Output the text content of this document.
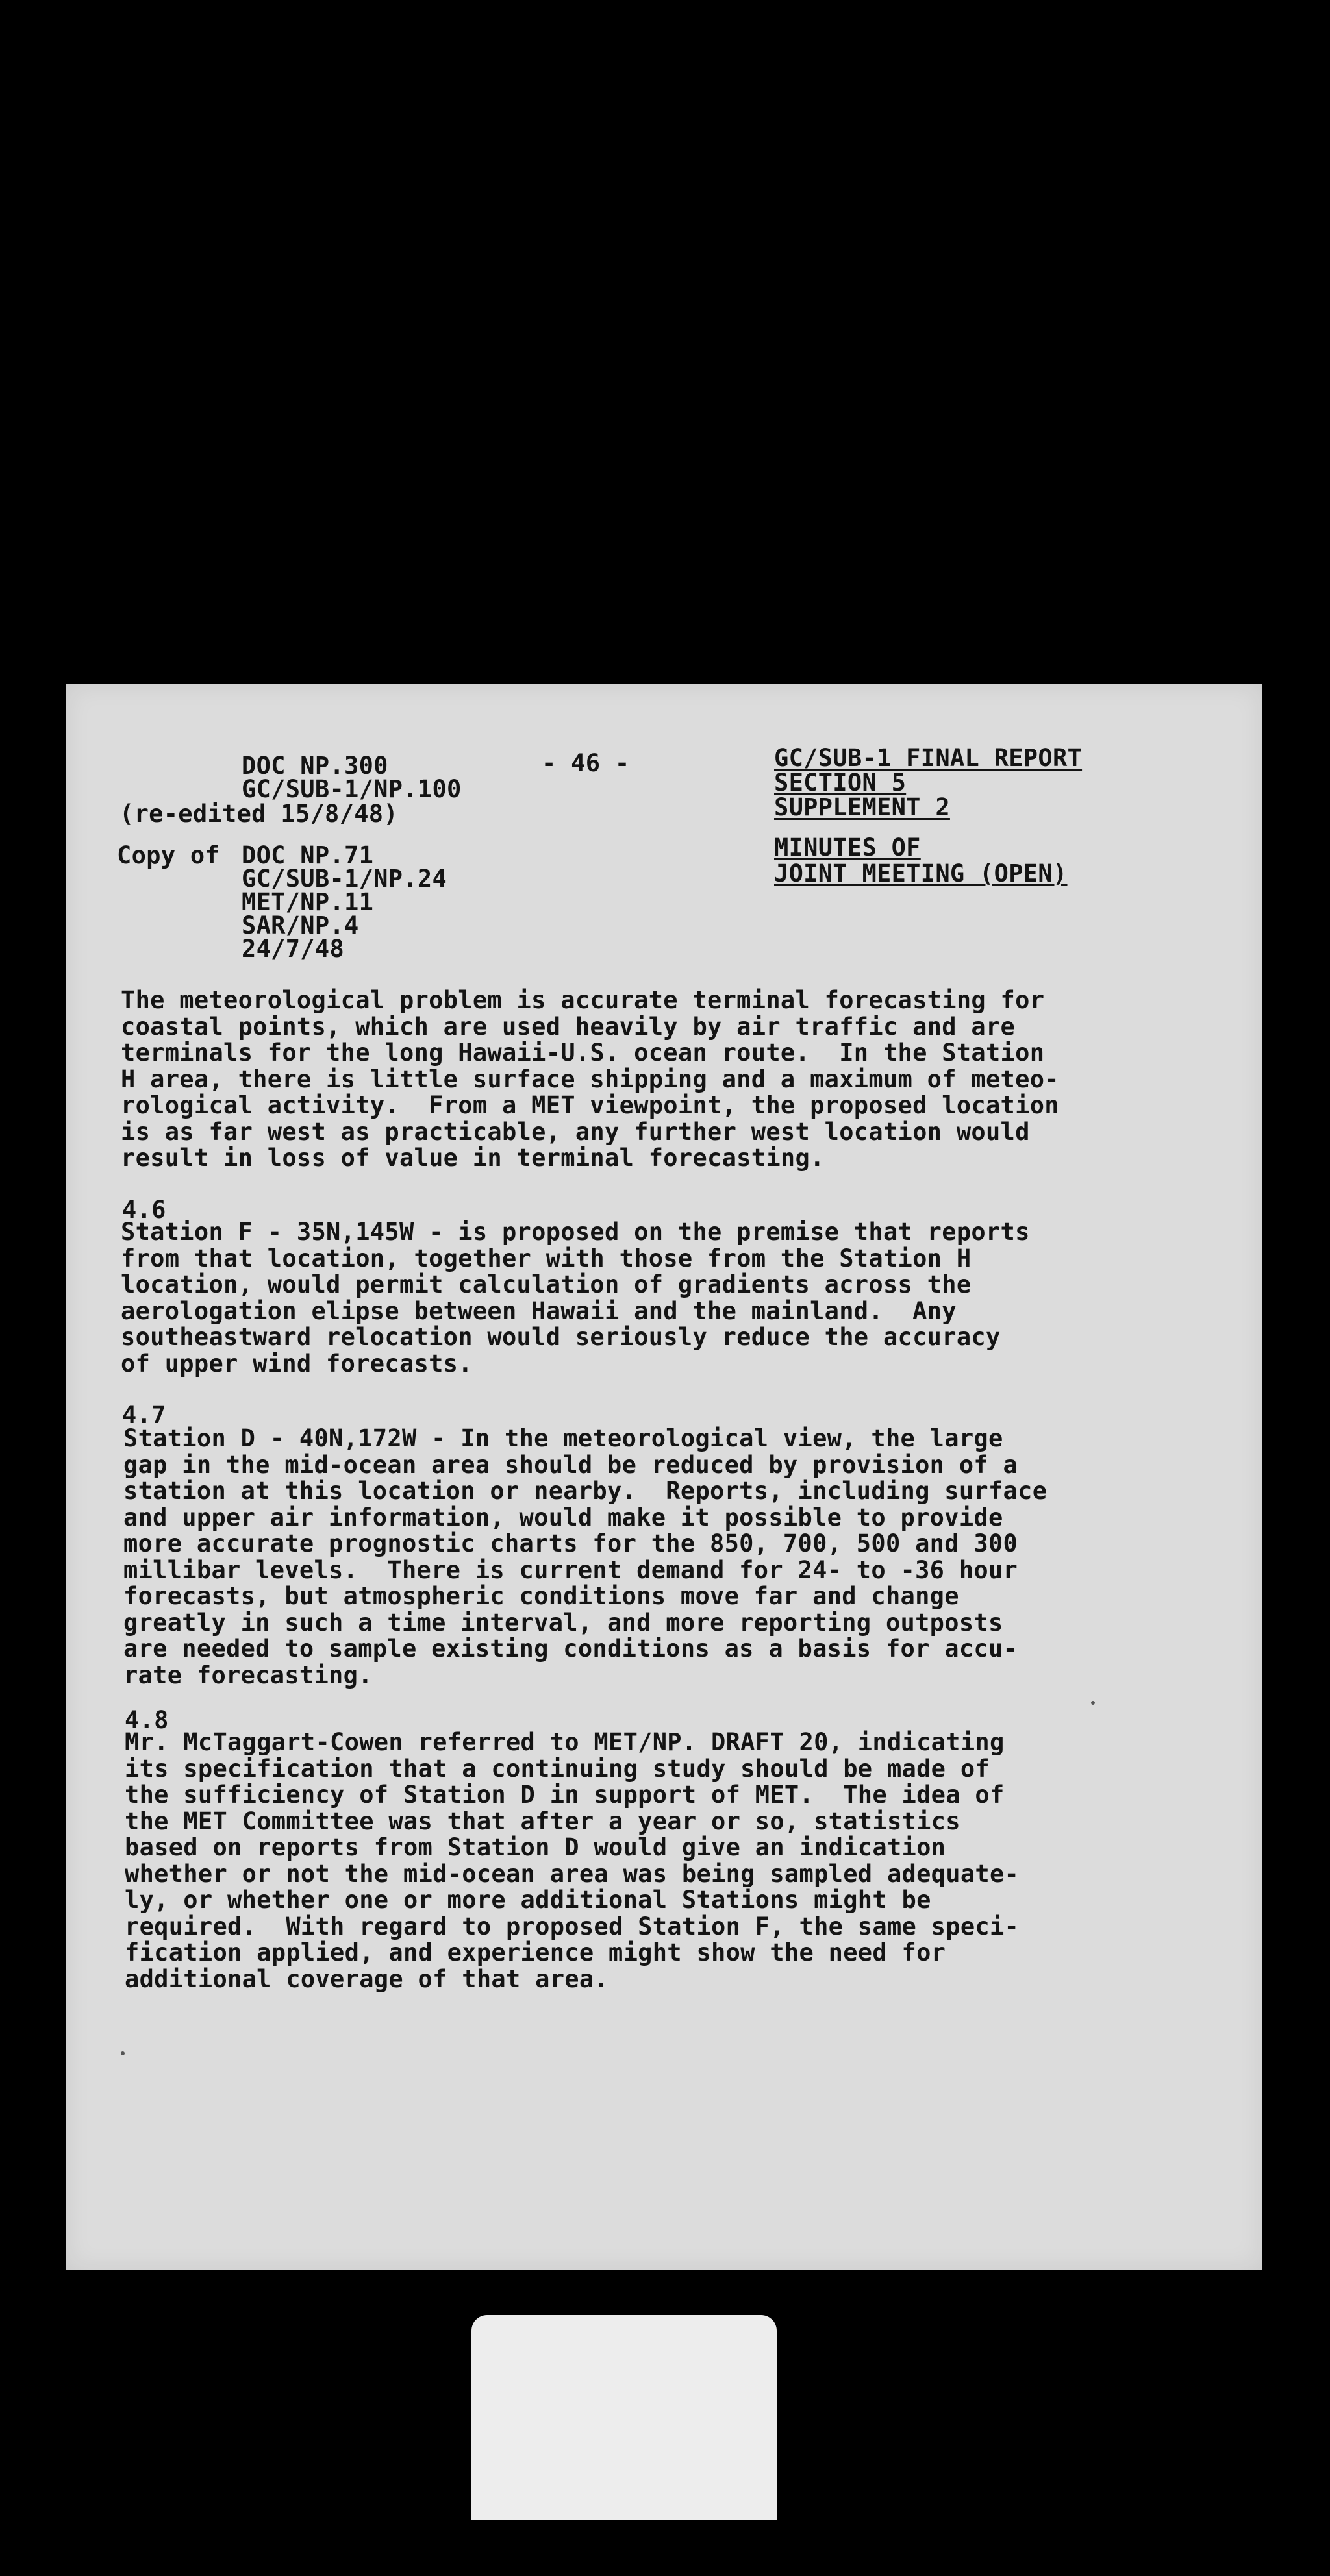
DOC NP.300
GC/SUB-1/NP.100
(re-edited 15/8/48)
Copy of DOC NP.71
GC/SUB-1/NP.24
MET/NP.11
SAR/NP.4
24/7/48
- 46 -	GC/SUB-1 FINAL REPORT
SECTION 5
SUPPLEMENT 2
MINUTES OF
JOINT MEETING (OPEN)
The meteorological problem is accurate terminal forecasting for
coastal points, which are used heavily by air traffic and are
terminals for the long Hawaii-U.S. ocean route.  In the Station
H area, there is little surface shipping and a maximum of meteo-
rological activity.  From a MET viewpoint, the proposed location
is as far west as practicable, any further west location would
result in loss of value in terminal forecasting.
4.6
Station F - 35N,145W - is proposed on the premise that reports
from that location, together with those from the Station H
location, would permit calculation of gradients across the
aerologation elipse between Hawaii and the mainland.  Any
southeastward relocation would seriously reduce the accuracy
of upper wind forecasts.
4.7
Station D - 40N,172W - In the meteorological view, the large
gap in the mid-ocean area should be reduced by provision of a
station at this location or nearby.  Reports, including surface
and upper air information, would make it possible to provide
more accurate prognostic charts for the 850, 700, 500 and 300
millibar levels.  There is current demand for 24- to -36 hour
forecasts, but atmospheric conditions move far and change
greatly in such a time interval, and more reporting outposts
are needed to sample existing conditions as a basis for accu-
rate forecasting.
4.8
Mr. McTaggart-Cowen referred to MET/NP. DRAFT 20, indicating
its specification that a continuing study should be made of
the sufficiency of Station D in support of MET.  The idea of
the MET Committee was that after a year or so, statistics
based on reports from Station D would give an indication
whether or not the mid-ocean area was being sampled adequate-
ly, or whether one or more additional Stations might be
required.  With regard to proposed Station F, the same speci-
fication applied, and experience might show the need for
additional coverage of that area.
